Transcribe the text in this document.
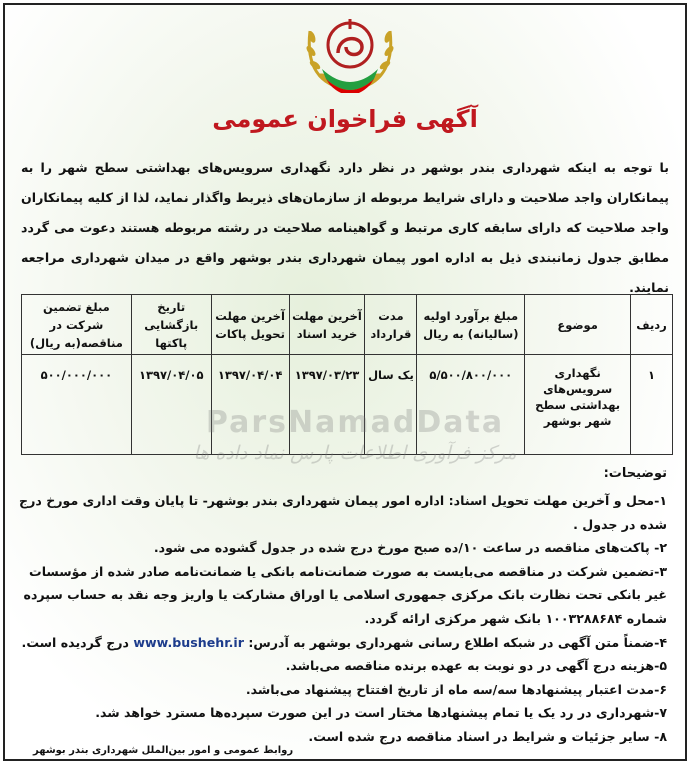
آگهی فراخوان عمومی

با توجه به اینکه شهرداری بندر بوشهر در نظر دارد نگهداری سرویس‌های بهداشتی سطح شهر را به پیمانکاران واجد صلاحیت و دارای شرایط مربوطه از سازمان‌های ذیربط واگذار نماید، لذا از کلیه پیمانکاران واجد صلاحیت که دارای سابقه کاری مرتبط و گواهینامه صلاحیت در رشته مربوطه هستند دعوت می گردد مطابق جدول زمانبندی ذیل به اداره امور پیمان شهرداری بندر بوشهر واقع در میدان شهرداری مراجعه نمایند.

ردیف	موضوع	مبلغ برآورد اولیه (سالیانه) به ریال	مدت قرارداد	آخرین مهلت خرید اسناد	آخرین مهلت تحویل پاکات	تاریخ بازگشایی پاکتها	مبلغ تضمین شرکت در مناقصه(به ریال)
۱	نگهداری سرویس‌های بهداشتی سطح شهر بوشهر	۵/۵۰۰/۸۰۰/۰۰۰	یک سال	۱۳۹۷/۰۳/۲۳	۱۳۹۷/۰۴/۰۴	۱۳۹۷/۰۴/۰۵	۵۰۰/۰۰۰/۰۰۰
ParsNamadData
مرکز فرآوری اطلاعات پارس نماد داده ها
توضیحات:
۱-محل و آخرین مهلت تحویل اسناد: اداره امور پیمان شهرداری بندر بوشهر- تا پایان وقت اداری مورخ درج شده در جدول .
۲- پاکت‌های مناقصه در ساعت ۱۰/ده صبح مورخ درج شده در جدول گشوده می شود.
۳-تضمین شرکت در مناقصه می‌بایست به صورت ضمانت‌نامه بانکی یا ضمانت‌نامه صادر شده از مؤسسات غیر بانکی تحت نظارت بانک مرکزی جمهوری اسلامی یا اوراق مشارکت یا واریز وجه نقد به حساب سپرده شماره ۱۰۰۳۲۸۸۶۸۴ بانک شهر مرکزی ارائه گردد.
۴-ضمناً متن آگهی در شبکه اطلاع رسانی شهرداری بوشهر به آدرس: www.bushehr.ir درج گردیده است.
۵-هزینه درج آگهی در دو نوبت به عهده برنده مناقصه می‌باشد.
۶-مدت اعتبار پیشنهادها سه/سه ماه از تاریخ افتتاح پیشنهاد می‌باشد.
۷-شهرداری در رد یک یا تمام پیشنهادها مختار است در این صورت سپرده‌ها مسترد خواهد شد.
۸- سایر جزئیات و شرایط در اسناد مناقصه درج شده است.
روابط عمومی و امور بین‌الملل شهرداری بندر بوشهر
